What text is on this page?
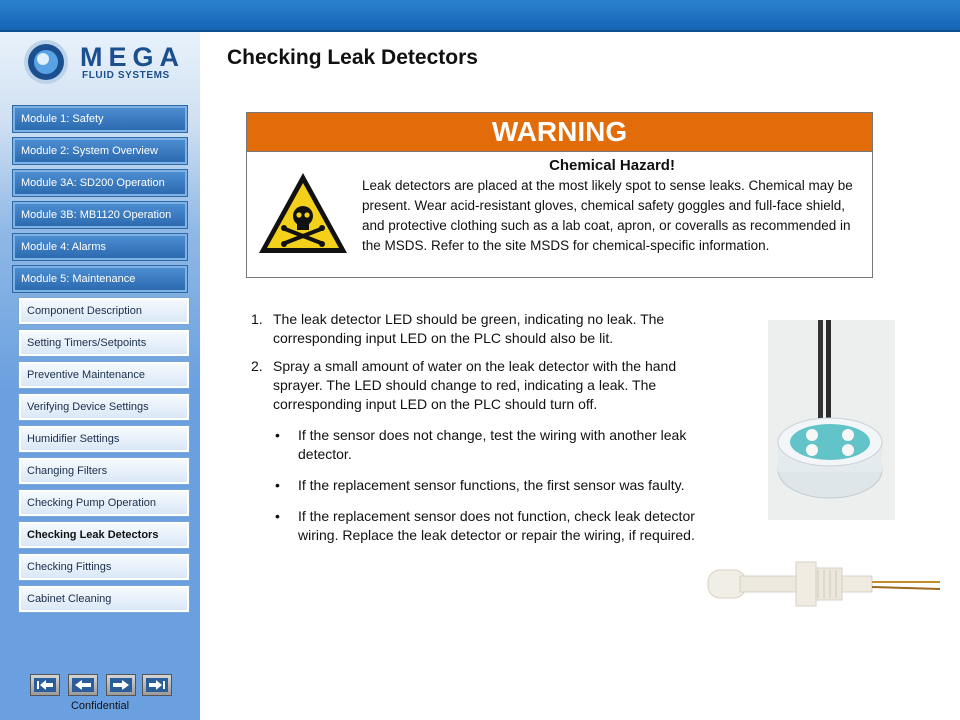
MEGA
FLUID SYSTEMS
Module 1: Safety
Module 2: System Overview
Module 3A: SD200 Operation
Module 3B: MB1120 Operation
Module 4: Alarms
Module 5: Maintenance
Component Description
Setting Timers/Setpoints
Preventive Maintenance
Verifying Device Settings
Humidifier Settings
Changing Filters
Checking Pump Operation
Checking Leak Detectors
Checking Fittings
Cabinet Cleaning
Confidential
Checking Leak Detectors
WARNING
Chemical Hazard!
Leak detectors are placed at the most likely spot to sense leaks. Chemical may be present. Wear acid-resistant gloves, chemical safety goggles and full-face shield, and protective clothing such as a lab coat, apron, or coveralls as recommended in the MSDS. Refer to the site MSDS for chemical-specific information.
1. The leak detector LED should be green, indicating no leak. The corresponding input LED on the PLC should also be lit.
2. Spray a small amount of water on the leak detector with the hand sprayer. The LED should change to red, indicating a leak. The corresponding input LED on the PLC should turn off.
• If the sensor does not change, test the wiring with another leak detector.
• If the replacement sensor functions, the first sensor was faulty.
• If the replacement sensor does not function, check leak detector wiring. Replace the leak detector or repair the wiring, if required.
